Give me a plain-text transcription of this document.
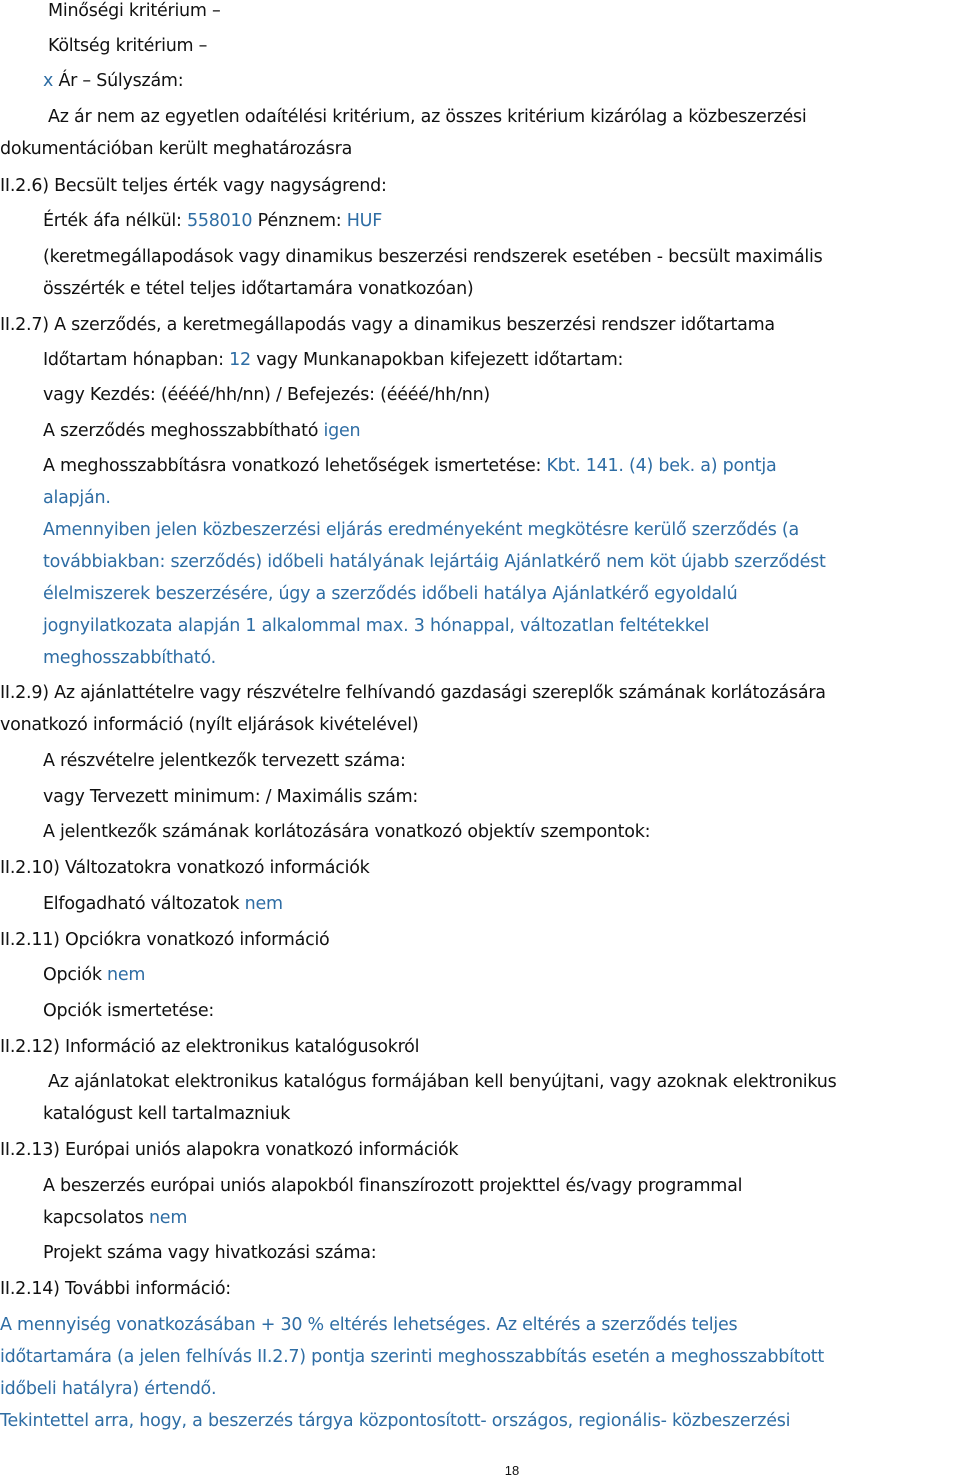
Minőségi kritérium –
Költség kritérium –
x Ár – Súlyszám:
Az ár nem az egyetlen odaítélési kritérium, az összes kritérium kizárólag a közbeszerzési
dokumentációban került meghatározásra
II.2.6) Becsült teljes érték vagy nagyságrend:
Érték áfa nélkül: 558010 Pénznem: HUF
(keretmegállapodások vagy dinamikus beszerzési rendszerek esetében - becsült maximális
összérték e tétel teljes időtartamára vonatkozóan)
II.2.7) A szerződés, a keretmegállapodás vagy a dinamikus beszerzési rendszer időtartama
Időtartam hónapban: 12 vagy Munkanapokban kifejezett időtartam:
vagy Kezdés: (éééé/hh/nn) / Befejezés: (éééé/hh/nn)
A szerződés meghosszabbítható igen
A meghosszabbításra vonatkozó lehetőségek ismertetése: Kbt. 141. (4) bek. a) pontja
alapján.
Amennyiben jelen közbeszerzési eljárás eredményeként megkötésre kerülő szerződés (a
továbbiakban: szerződés) időbeli hatályának lejártáig Ajánlatkérő nem köt újabb szerződést
élelmiszerek beszerzésére, úgy a szerződés időbeli hatálya Ajánlatkérő egyoldalú
jognyilatkozata alapján 1 alkalommal max. 3 hónappal, változatlan feltétekkel
meghosszabbítható.
II.2.9) Az ajánlattételre vagy részvételre felhívandó gazdasági szereplők számának korlátozására
vonatkozó információ (nyílt eljárások kivételével)
A részvételre jelentkezők tervezett száma:
vagy Tervezett minimum: / Maximális szám:
A jelentkezők számának korlátozására vonatkozó objektív szempontok:
II.2.10) Változatokra vonatkozó információk
Elfogadható változatok nem
II.2.11) Opciókra vonatkozó információ
Opciók nem
Opciók ismertetése:
II.2.12) Információ az elektronikus katalógusokról
Az ajánlatokat elektronikus katalógus formájában kell benyújtani, vagy azoknak elektronikus
katalógust kell tartalmazniuk
II.2.13) Európai uniós alapokra vonatkozó információk
A beszerzés európai uniós alapokból finanszírozott projekttel és/vagy programmal
kapcsolatos nem
Projekt száma vagy hivatkozási száma:
II.2.14) További információ:
A mennyiség vonatkozásában + 30 % eltérés lehetséges. Az eltérés a szerződés teljes
időtartamára (a jelen felhívás II.2.7) pontja szerinti meghosszabbítás esetén a meghosszabbított
időbeli hatályra) értendő.
Tekintettel arra, hogy, a beszerzés tárgya központosított- országos, regionális- közbeszerzési
18
